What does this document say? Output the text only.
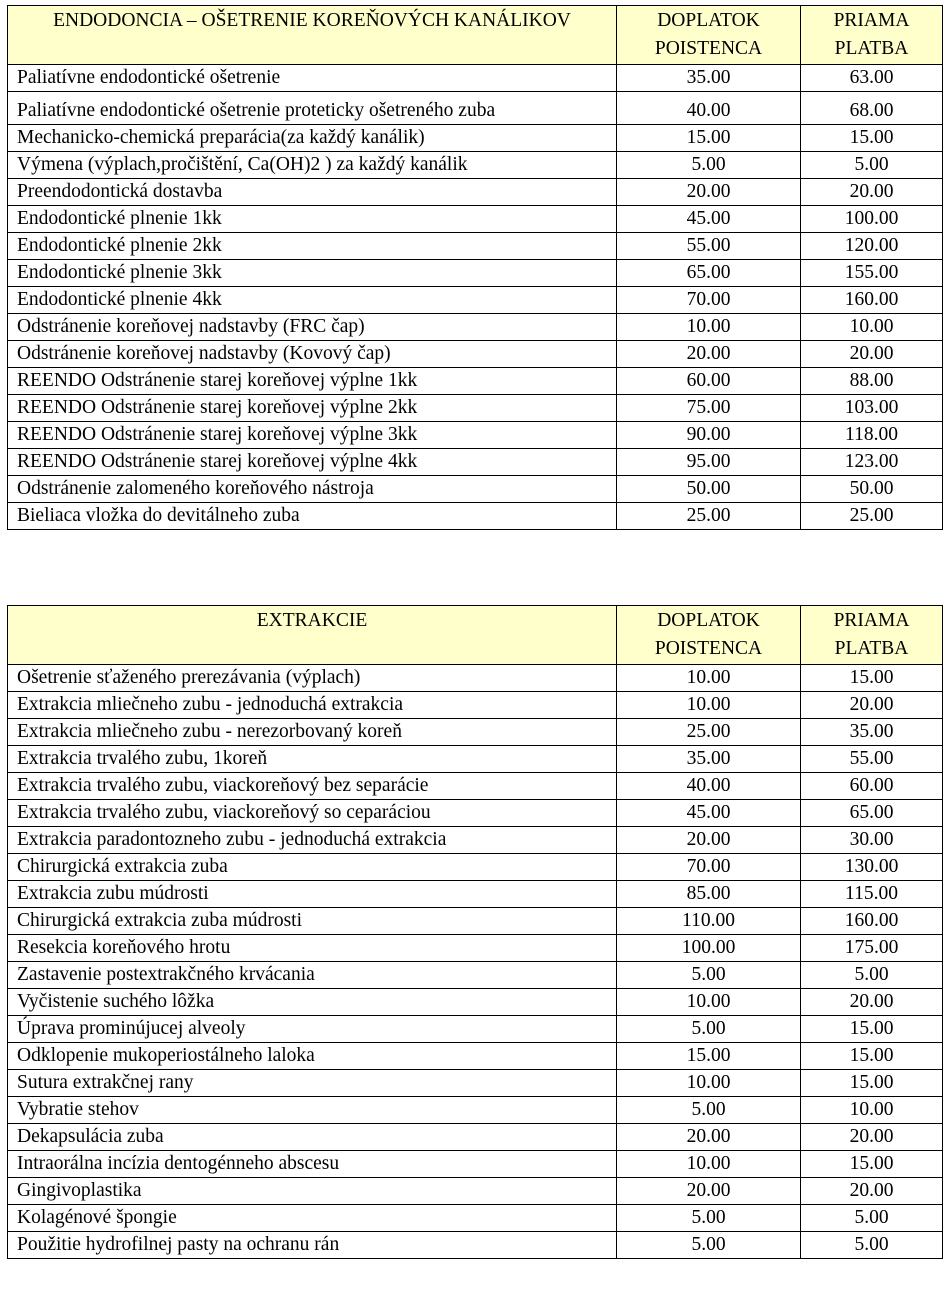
ENDODONCIA – OŠETRENIE KOREŇOVÝCH KANÁLIKOV	DOPLATOK POISTENCA	PRIAMA PLATBA
Paliatívne endodontické ošetrenie	35.00	63.00
Paliatívne endodontické ošetrenie proteticky ošetreného zuba	40.00	68.00
Mechanicko-chemická preparácia(za každý kanálik)	15.00	15.00
Výmena (výplach,pročištění, Ca(OH)2 ) za každý kanálik	5.00	5.00
Preendodontická dostavba	20.00	20.00
Endodontické plnenie 1kk	45.00	100.00
Endodontické plnenie 2kk	55.00	120.00
Endodontické plnenie 3kk	65.00	155.00
Endodontické plnenie 4kk	70.00	160.00
Odstránenie koreňovej nadstavby (FRC čap)	10.00	10.00
Odstránenie koreňovej nadstavby (Kovový čap)	20.00	20.00
REENDO Odstránenie starej koreňovej výplne 1kk	60.00	88.00
REENDO Odstránenie starej koreňovej výplne 2kk	75.00	103.00
REENDO Odstránenie starej koreňovej výplne 3kk	90.00	118.00
REENDO Odstránenie starej koreňovej výplne 4kk	95.00	123.00
Odstránenie zalomeného koreňového nástroja	50.00	50.00
Bieliaca vložka do devitálneho zuba	25.00	25.00
EXTRAKCIE	DOPLATOK POISTENCA	PRIAMA PLATBA
Ošetrenie sťaženého prerezávania (výplach)	10.00	15.00
Extrakcia mliečneho zubu - jednoduchá extrakcia	10.00	20.00
Extrakcia mliečneho zubu - nerezorbovaný koreň	25.00	35.00
Extrakcia trvalého zubu, 1koreň	35.00	55.00
Extrakcia trvalého zubu, viackoreňový bez separácie	40.00	60.00
Extrakcia trvalého zubu, viackoreňový so ceparáciou	45.00	65.00
Extrakcia paradontozneho zubu - jednoduchá extrakcia	20.00	30.00
Chirurgická extrakcia zuba	70.00	130.00
Extrakcia zubu múdrosti	85.00	115.00
Chirurgická extrakcia zuba múdrosti	110.00	160.00
Resekcia koreňového hrotu	100.00	175.00
Zastavenie postextrakčného krvácania	5.00	5.00
Vyčistenie suchého lôžka	10.00	20.00
Úprava prominújucej alveoly	5.00	15.00
Odklopenie mukoperiostálneho laloka	15.00	15.00
Sutura extrakčnej rany	10.00	15.00
Vybratie stehov	5.00	10.00
Dekapsulácia zuba	20.00	20.00
Intraorálna incízia dentogénneho abscesu	10.00	15.00
Gingivoplastika	20.00	20.00
Kolagénové špongie	5.00	5.00
Použitie hydrofilnej pasty na ochranu rán	5.00	5.00
